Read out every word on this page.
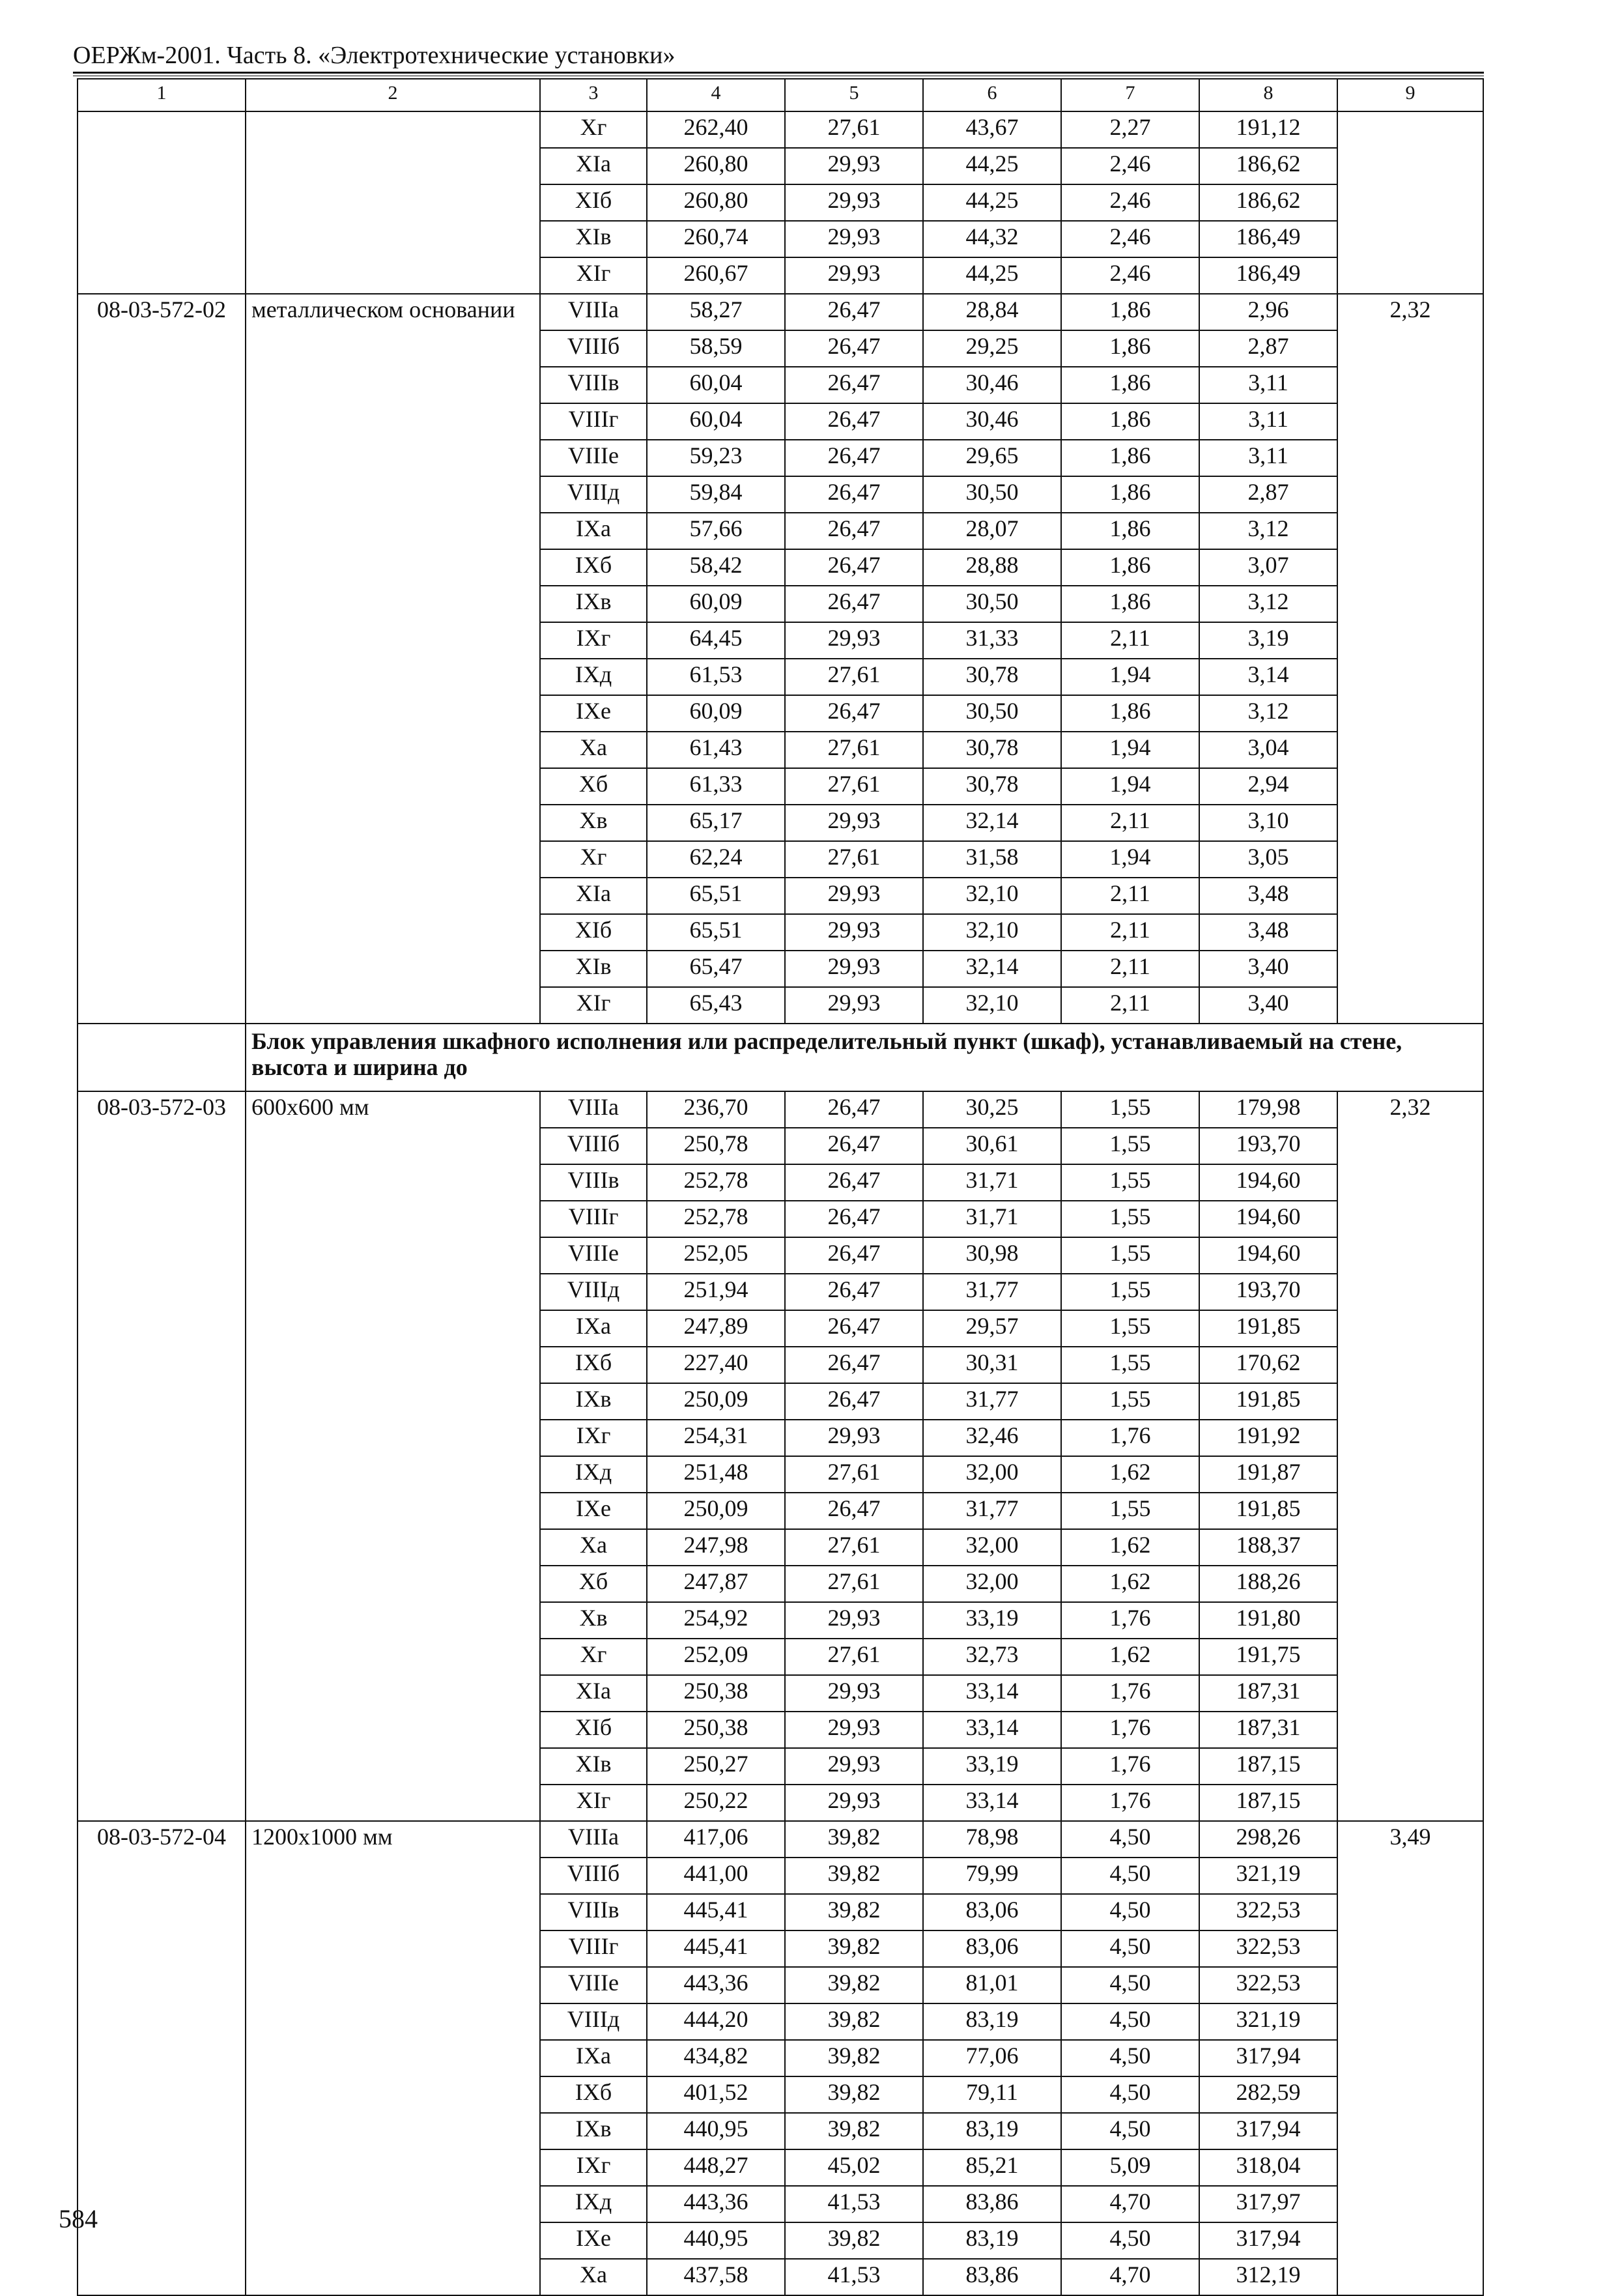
ОЕРЖм-2001. Часть 8. «Электротехнические установки»
1	2	3	4	5	6	7	8	9
		Xг	262,40	27,61	43,67	2,27	191,12	
		XIа	260,80	29,93	44,25	2,46	186,62	
		XIб	260,80	29,93	44,25	2,46	186,62	
		XIв	260,74	29,93	44,32	2,46	186,49	
		XIг	260,67	29,93	44,25	2,46	186,49	
08-03-572-02	металлическом основании	VIIIа	58,27	26,47	28,84	1,86	2,96	2,32
		VIIIб	58,59	26,47	29,25	1,86	2,87	
		VIIIв	60,04	26,47	30,46	1,86	3,11	
		VIIIг	60,04	26,47	30,46	1,86	3,11	
		VIIIе	59,23	26,47	29,65	1,86	3,11	
		VIIIд	59,84	26,47	30,50	1,86	2,87	
		IXа	57,66	26,47	28,07	1,86	3,12	
		IXб	58,42	26,47	28,88	1,86	3,07	
		IXв	60,09	26,47	30,50	1,86	3,12	
		IXг	64,45	29,93	31,33	2,11	3,19	
		IXд	61,53	27,61	30,78	1,94	3,14	
		IXе	60,09	26,47	30,50	1,86	3,12	
		Xа	61,43	27,61	30,78	1,94	3,04	
		Xб	61,33	27,61	30,78	1,94	2,94	
		Xв	65,17	29,93	32,14	2,11	3,10	
		Xг	62,24	27,61	31,58	1,94	3,05	
		XIа	65,51	29,93	32,10	2,11	3,48	
		XIб	65,51	29,93	32,10	2,11	3,48	
		XIв	65,47	29,93	32,14	2,11	3,40	
		XIг	65,43	29,93	32,10	2,11	3,40	
	Блок управления шкафного исполнения или распределительный пункт (шкаф), устанавливаемый на стене, высота и ширина до							
08-03-572-03	600x600 мм	VIIIа	236,70	26,47	30,25	1,55	179,98	2,32
		VIIIб	250,78	26,47	30,61	1,55	193,70	
		VIIIв	252,78	26,47	31,71	1,55	194,60	
		VIIIг	252,78	26,47	31,71	1,55	194,60	
		VIIIе	252,05	26,47	30,98	1,55	194,60	
		VIIIд	251,94	26,47	31,77	1,55	193,70	
		IXа	247,89	26,47	29,57	1,55	191,85	
		IXб	227,40	26,47	30,31	1,55	170,62	
		IXв	250,09	26,47	31,77	1,55	191,85	
		IXг	254,31	29,93	32,46	1,76	191,92	
		IXд	251,48	27,61	32,00	1,62	191,87	
		IXе	250,09	26,47	31,77	1,55	191,85	
		Xа	247,98	27,61	32,00	1,62	188,37	
		Xб	247,87	27,61	32,00	1,62	188,26	
		Xв	254,92	29,93	33,19	1,76	191,80	
		Xг	252,09	27,61	32,73	1,62	191,75	
		XIа	250,38	29,93	33,14	1,76	187,31	
		XIб	250,38	29,93	33,14	1,76	187,31	
		XIв	250,27	29,93	33,19	1,76	187,15	
		XIг	250,22	29,93	33,14	1,76	187,15	
08-03-572-04	1200x1000 мм	VIIIа	417,06	39,82	78,98	4,50	298,26	3,49
		VIIIб	441,00	39,82	79,99	4,50	321,19	
		VIIIв	445,41	39,82	83,06	4,50	322,53	
		VIIIг	445,41	39,82	83,06	4,50	322,53	
		VIIIе	443,36	39,82	81,01	4,50	322,53	
		VIIIд	444,20	39,82	83,19	4,50	321,19	
		IXа	434,82	39,82	77,06	4,50	317,94	
		IXб	401,52	39,82	79,11	4,50	282,59	
		IXв	440,95	39,82	83,19	4,50	317,94	
		IXг	448,27	45,02	85,21	5,09	318,04	
		IXд	443,36	41,53	83,86	4,70	317,97	
		IXе	440,95	39,82	83,19	4,50	317,94	
		Xа	437,58	41,53	83,86	4,70	312,19	
584
